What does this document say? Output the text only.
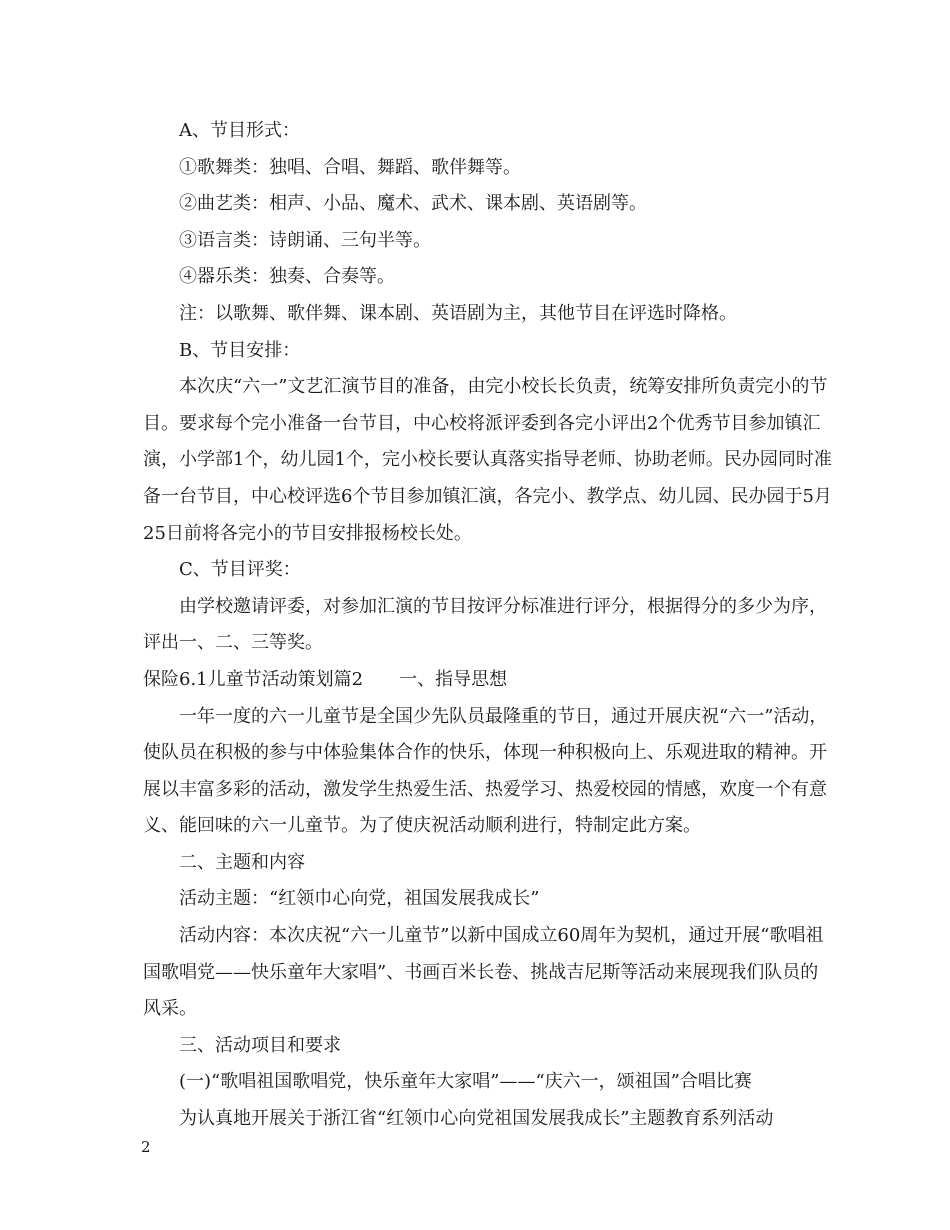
A、节目形式：

①歌舞类：独唱、合唱、舞蹈、歌伴舞等。

②曲艺类：相声、小品、魔术、武术、课本剧、英语剧等。

③语言类：诗朗诵、三句半等。

④器乐类：独奏、合奏等。

注：以歌舞、歌伴舞、课本剧、英语剧为主，其他节目在评选时降格。

B、节目安排：

本次庆“六一”文艺汇演节目的准备，由完小校长长负责，统筹安排所负责完小的节目。要求每个完小准备一台节目，中心校将派评委到各完小评出2个优秀节目参加镇汇演，小学部1个，幼儿园1个，完小校长要认真落实指导老师、协助老师。民办园同时准备一台节目，中心校评选6个节目参加镇汇演，各完小、教学点、幼儿园、民办园于5月25日前将各完小的节目安排报杨校长处。

C、节目评奖：

由学校邀请评委，对参加汇演的节目按评分标准进行评分，根据得分的多少为序，评出一、二、三等奖。

保险6.1儿童节活动策划篇2 一、指导思想

一年一度的六一儿童节是全国少先队员最隆重的节日，通过开展庆祝“六一”活动，使队员在积极的参与中体验集体合作的快乐，体现一种积极向上、乐观进取的精神。开展以丰富多彩的活动，激发学生热爱生活、热爱学习、热爱校园的情感，欢度一个有意义、能回味的六一儿童节。为了使庆祝活动顺利进行，特制定此方案。

二、主题和内容

活动主题：“红领巾心向党，祖国发展我成长”

活动内容：本次庆祝“六一儿童节”以新中国成立60周年为契机，通过开展“歌唱祖国歌唱党——快乐童年大家唱”、书画百米长卷、挑战吉尼斯等活动来展现我们队员的风采。

三、活动项目和要求

(一)“歌唱祖国歌唱党，快乐童年大家唱”——“庆六一，颂祖国”合唱比赛

为认真地开展关于浙江省“红领巾心向党祖国发展我成长”主题教育系列活动

2
